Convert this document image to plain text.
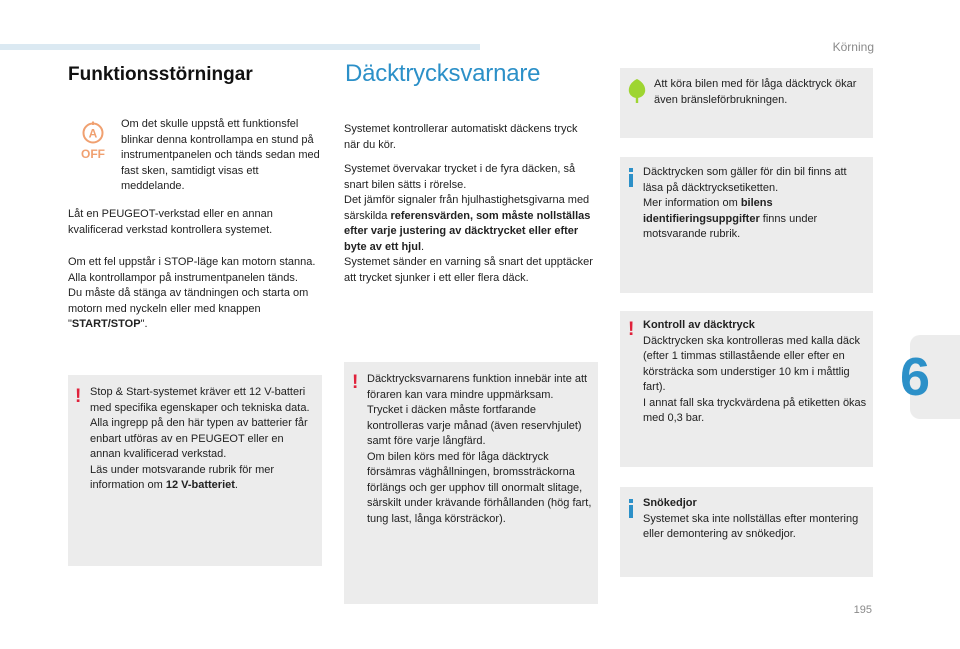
Körning
6
195
Funktionsstörningar
A
OFF

Om det skulle uppstå ett funktionsfel blinkar denna kontrollampa en stund på instrumentpanelen och tänds sedan med fast sken, samtidigt visas ett meddelande.

Låt en PEUGEOT-verkstad eller en annan kvalificerad verkstad kontrollera systemet.

Om ett fel uppstår i STOP-läge kan motorn stanna.

Alla kontrollampor på instrumentpanelen tänds.

Du måste då stänga av tändningen och starta om motorn med nyckeln eller med knappen
"START/STOP".

! Stop & Start-systemet kräver ett 12 V-batteri med specifika egenskaper och tekniska data.

Alla ingrepp på den här typen av batterier får enbart utföras av en PEUGEOT eller en annan kvalificerad verkstad.

Läs under motsvarande rubrik för mer information om 12 V-batteriet.

Däcktrycksvarnare

Systemet kontrollerar automatiskt däckens tryck när du kör.

Systemet övervakar trycket i de fyra däcken, så snart bilen sätts i rörelse.

Det jämför signaler från hjulhastighetsgivarna med särskilda referensvärden, som måste nollställas efter varje justering av däcktrycket eller efter byte av ett hjul.

Systemet sänder en varning så snart det upptäcker att trycket sjunker i ett eller flera däck.

! Däcktrycksvarnarens funktion innebär inte att föraren kan vara mindre uppmärksam.

Trycket i däcken måste fortfarande kontrolleras varje månad (även reservhjulet) samt före varje långfärd.

Om bilen körs med för låga däcktryck försämras väghållningen, bromssträckorna förlängs och ger upphov till onormalt slitage, särskilt under krävande förhållanden (hög fart, tung last, långa körsträckor).

Att köra bilen med för låga däcktryck ökar även bränsleförbrukningen.

Däcktrycken som gäller för din bil finns att läsa på däcktrycksetiketten.

Mer information om bilens identifieringsuppgifter finns under motsvarande rubrik.

! Kontroll av däcktryck

Däcktrycken ska kontrolleras med kalla däck (efter 1 timmas stillastående eller efter en körsträcka som understiger 10 km i måttlig fart).

I annat fall ska tryckvärdena på etiketten ökas med 0,3 bar.

Snökedjor

Systemet ska inte nollställas efter montering eller demontering av snökedjor.
